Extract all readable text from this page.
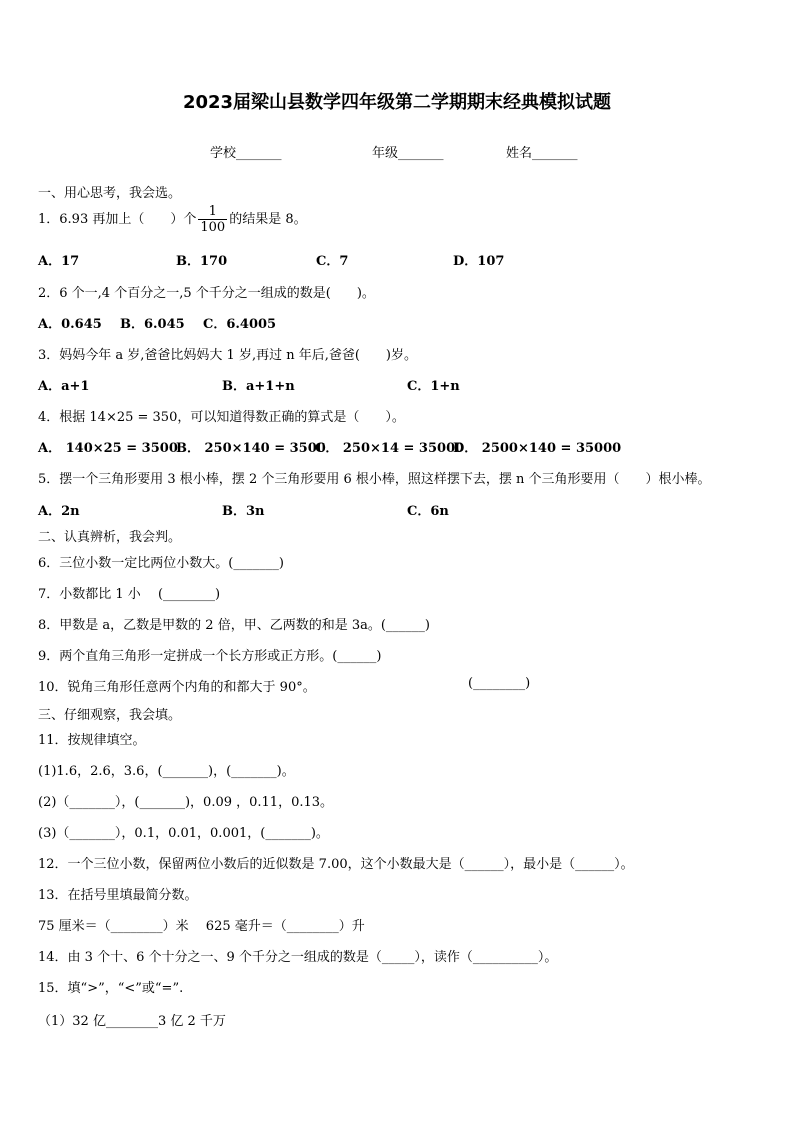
2023届梁山县数学四年级第二学期期末经典模拟试题
学校_______	年级_______	姓名_______
一、用心思考，我会选。
1．6.93 再加上（　　）个 $\frac{1}{100}$ 的结果是 8。
A．17	B．170	C．7	D．107
2．6 个一,4 个百分之一,5 个千分之一组成的数是(　　)。
A．0.645 B．6.045 C．6.4005
3．妈妈今年 a 岁,爸爸比妈妈大 1 岁,再过 n 年后,爸爸(　　)岁。
A．a+1	B．a+1+n	C．1+n
4．根据 14×25 = 350，可以知道得数正确的算式是（　　）。
A． 140×25 = 3500
B． 250×140 = 3500
C． 250×14 = 35000
D． 2500×140 = 35000
5．摆一个三角形要用 3 根小棒，摆 2 个三角形要用 6 根小棒，照这样摆下去，摆 n 个三角形要用（　　）根小棒。
A．2n	B．3n	C．6n
二、认真辨析，我会判。
6．三位小数一定比两位小数大。(_______)
7．小数都比 1 小　 (________)
8．甲数是 a，乙数是甲数的 2 倍，甲、乙两数的和是 3a。(______)
9．两个直角三角形一定拼成一个长方形或正方形。(______)
10．锐角三角形任意两个内角的和都大于 90°。	(________)
三、仔细观察，我会填。
11．按规律填空。
(1)1.6，2.6，3.6，(_______)，(_______)。
(2)（_______），(_______)，0.09 ，0.11，0.13。
(3)（_______），0.1，0.01，0.001，(_______)。
12．一个三位小数，保留两位小数后的近似数是 7.00，这个小数最大是（______），最小是（______）。
13．在括号里填最简分数。
75 厘米＝（________）米　 625 毫升＝（________）升
14．由 3 个十、6 个十分之一、9 个千分之一组成的数是（_____），读作（__________）。
15．填“>”，“<”或“=”.
（1）32 亿________3 亿 2 千万
